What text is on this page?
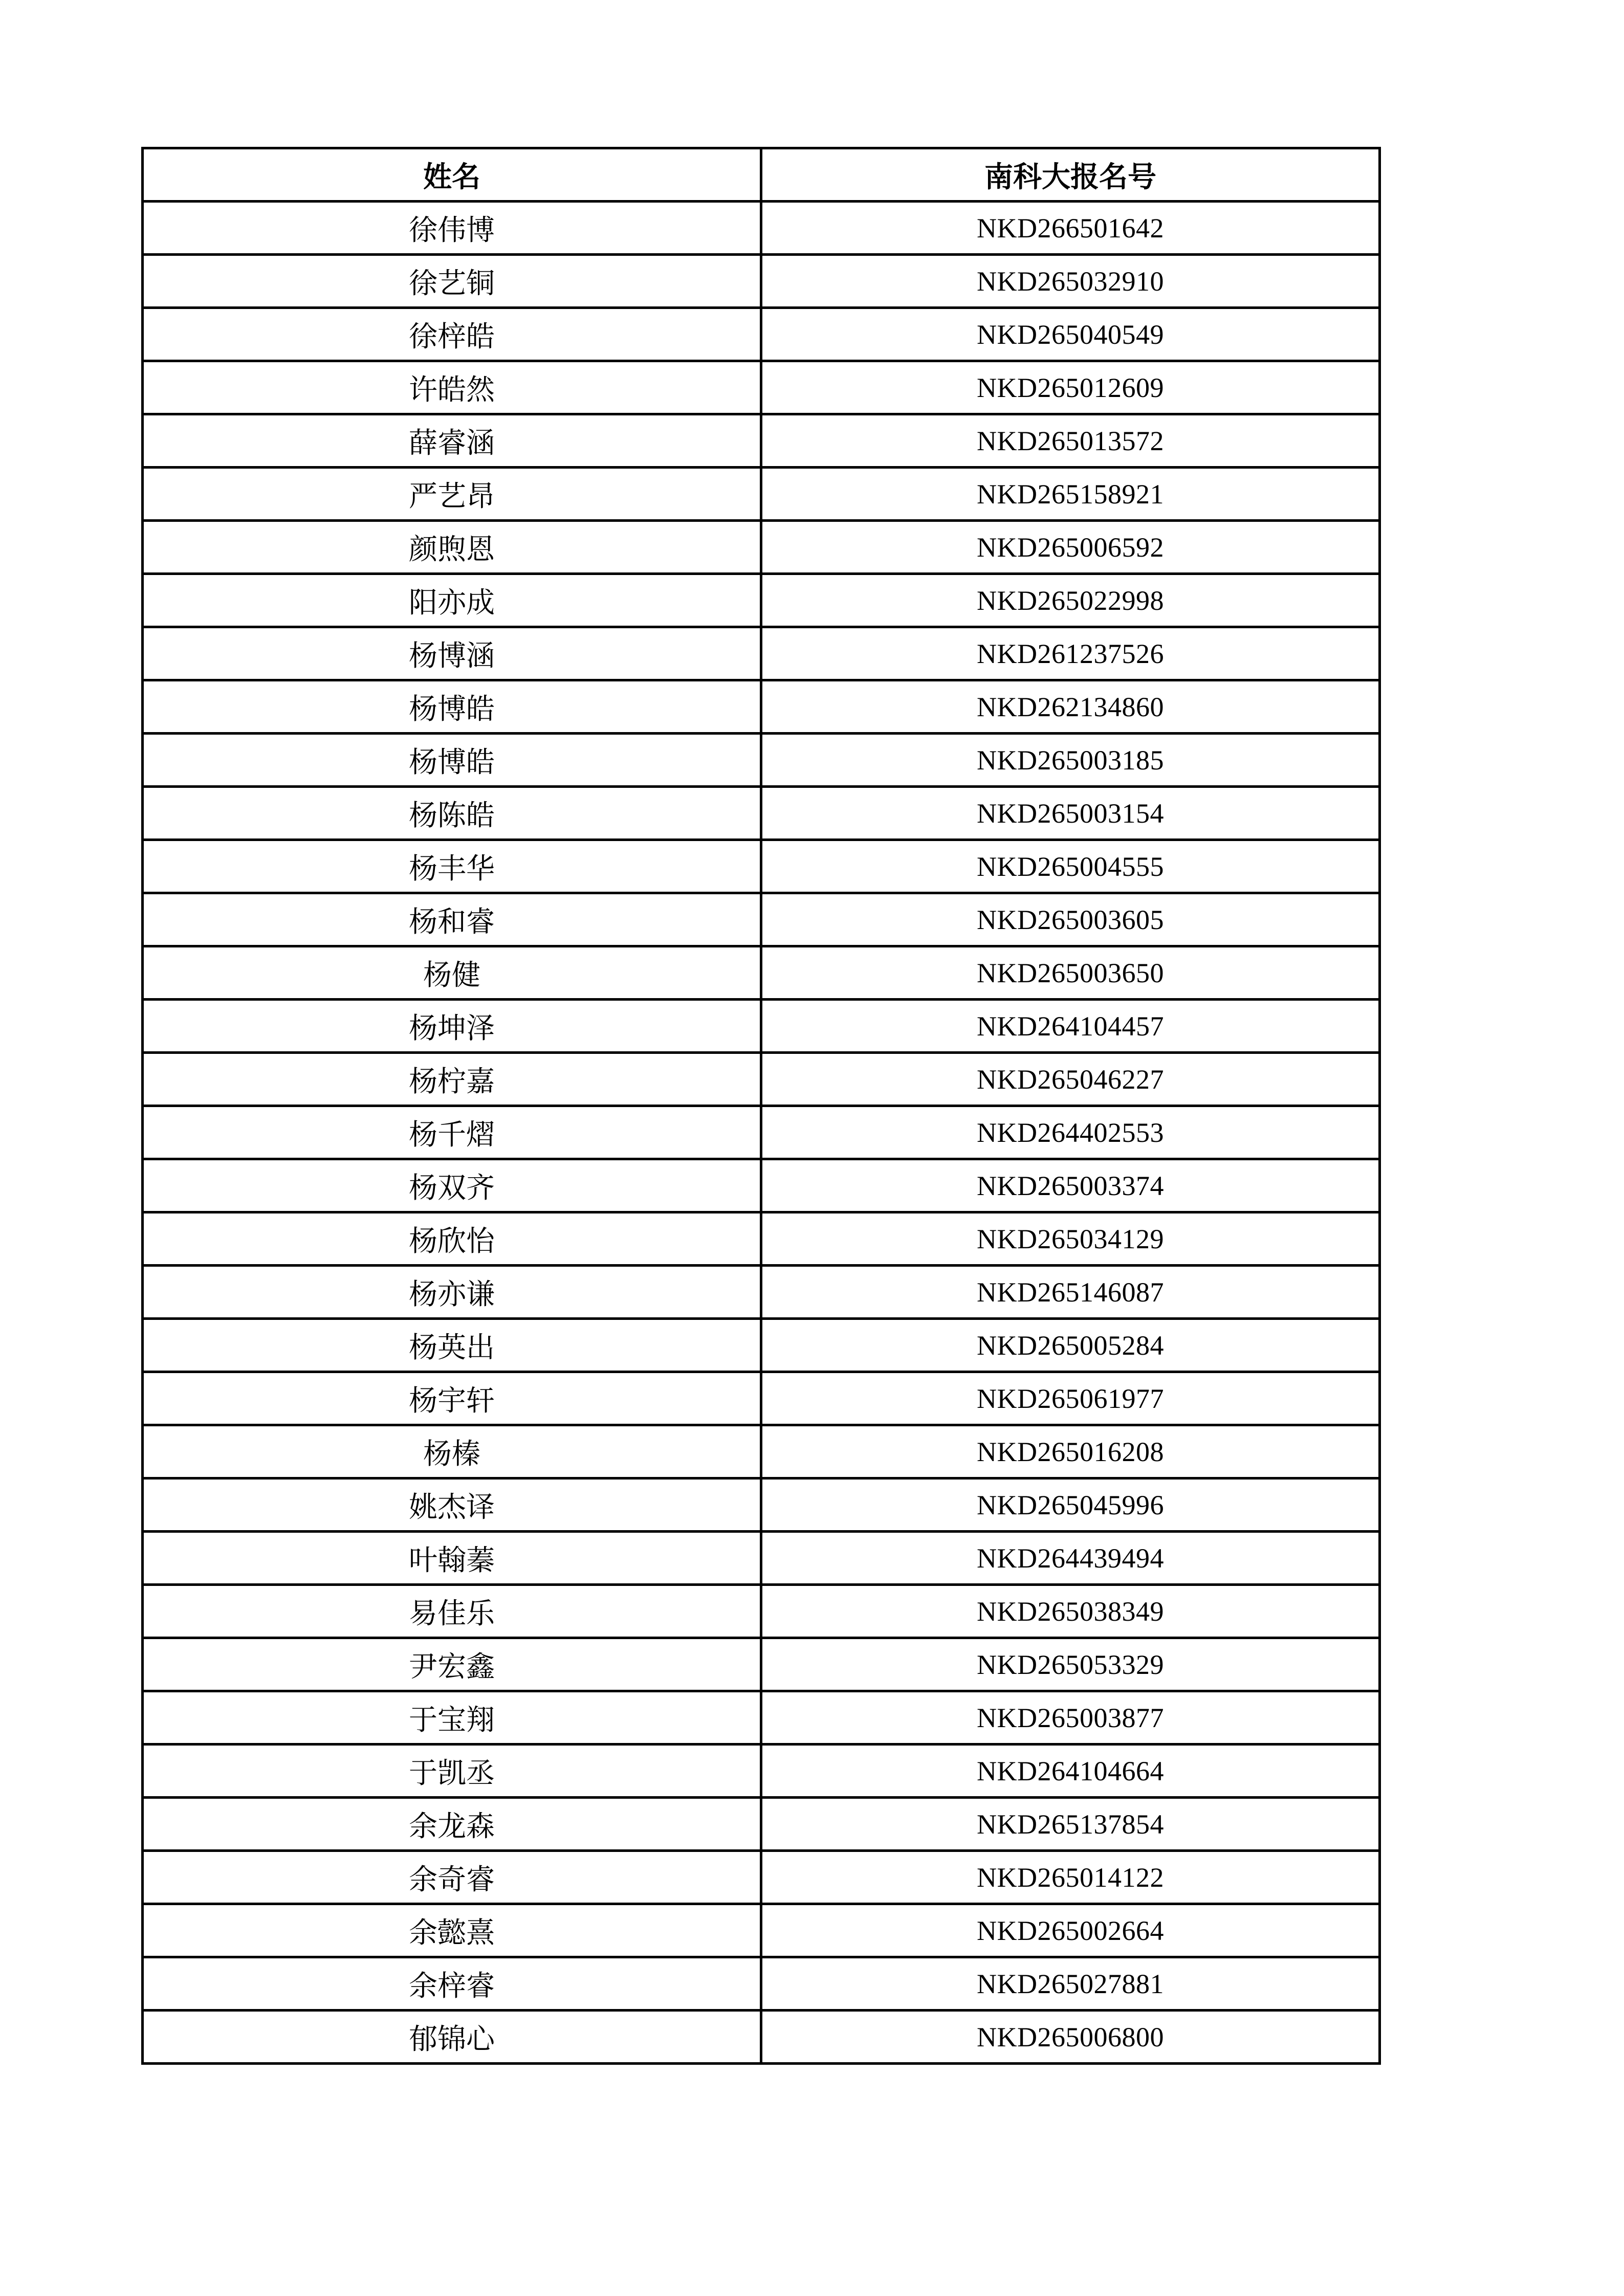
姓名	南科大报名号
徐伟博	NKD266501642
徐艺铜	NKD265032910
徐梓皓	NKD265040549
许皓然	NKD265012609
薛睿涵	NKD265013572
严艺昂	NKD265158921
颜煦恩	NKD265006592
阳亦成	NKD265022998
杨博涵	NKD261237526
杨博皓	NKD262134860
杨博皓	NKD265003185
杨陈皓	NKD265003154
杨丰华	NKD265004555
杨和睿	NKD265003605
杨健	NKD265003650
杨坤泽	NKD264104457
杨柠嘉	NKD265046227
杨千熠	NKD264402553
杨双齐	NKD265003374
杨欣怡	NKD265034129
杨亦谦	NKD265146087
杨英出	NKD265005284
杨宇轩	NKD265061977
杨榛	NKD265016208
姚杰译	NKD265045996
叶翰蓁	NKD264439494
易佳乐	NKD265038349
尹宏鑫	NKD265053329
于宝翔	NKD265003877
于凯丞	NKD264104664
余龙森	NKD265137854
余奇睿	NKD265014122
余懿熹	NKD265002664
余梓睿	NKD265027881
郁锦心	NKD265006800
